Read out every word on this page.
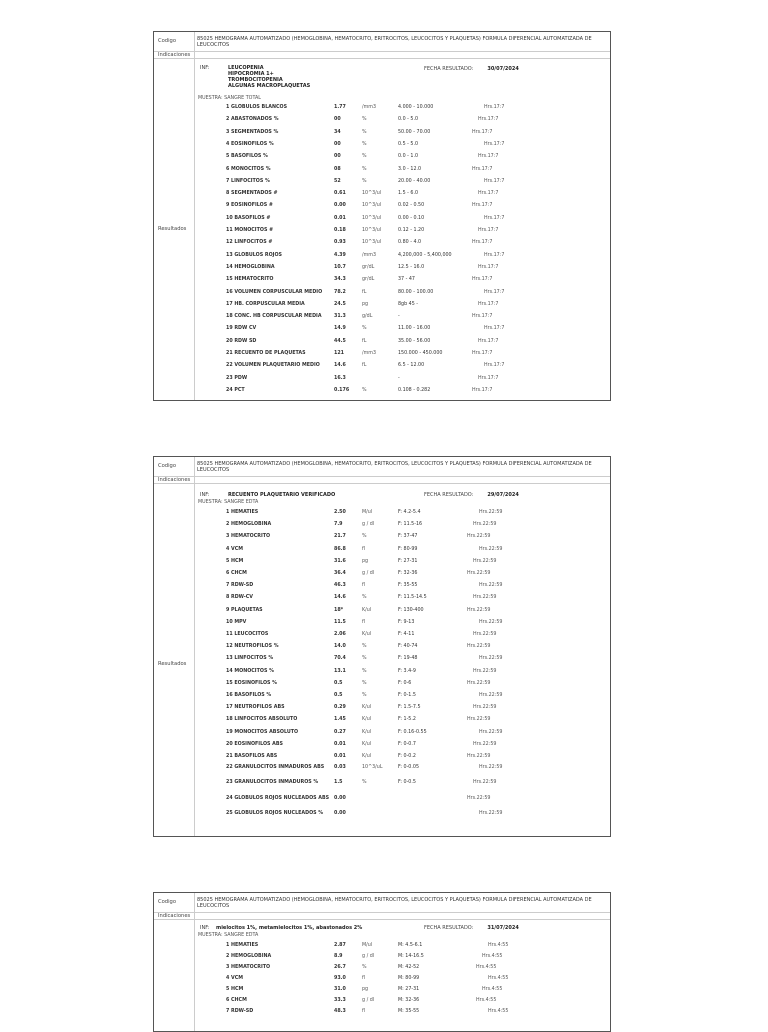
Codigo
Indicaciones
Resultados
85025 HEMOGRAMA AUTOMATIZADO (HEMOGLOBINA, HEMATOCRITO, ERITROCITOS, LEUCOCITOS Y PLAQUETAS) FORMULA DIFERENCIAL AUTOMATIZADA DE LEUCOCITOS
INF:	LEUCOPENIA
HIPOCROMIA 1+
TROMBOCITOPENIA
ALGUNAS MACROPLAQUETAS
FECHA RESULTADO:	30/07/2024
MUESTRA: SANGRE TOTAL
1 GLOBULOS BLANCOS	1.77	/mm3	4.000 - 10.000	Hrs.17:7
2 ABASTONADOS %	00	%	0.0 - 5.0	Hrs.17:7
3 SEGMENTADOS %	34	%	50.00 - 70.00	Hrs.17:7
4 EOSINOFILOS %	00	%	0.5 - 5.0	Hrs.17:7
5 BASOFILOS %	00	%	0.0 - 1.0	Hrs.17:7
6 MONOCITOS %	08	%	3.0 - 12.0	Hrs.17:7
7 LINFOCITOS %	52	%	20.00 - 40.00	Hrs.17:7
8 SEGMENTADOS #	0.61	10^3/ul	1.5 - 6.0	Hrs.17:7
9 EOSINOFILOS #	0.00	10^3/ul	0.02 - 0.50	Hrs.17:7
10 BASOFILOS #	0.01	10^3/ul	0.00 - 0.10	Hrs.17:7
11 MONOCITOS #	0.18	10^3/ul	0.12 - 1.20	Hrs.17:7
12 LINFOCITOS #	0.93	10^3/ul	0.80 - 4.0	Hrs.17:7
13 GLOBULOS ROJOS	4.39	/mm3	4,200,000 - 5,400,000	Hrs.17:7
14 HEMOGLOBINA	10.7	gr/dL	12.5 - 16.0	Hrs.17:7
15 HEMATOCRITO	34.3	gr/dL	37 - 47	Hrs.17:7
16 VOLUMEN CORPUSCULAR MEDIO	78.2	fL	80.00 - 100.00	Hrs.17:7
17 HB. CORPUSCULAR MEDIA	24.5	pg	8gb 45 -	Hrs.17:7
18 CONC. HB CORPUSCULAR MEDIA	31.3	g/dL	-	Hrs.17:7
19 RDW CV	14.9	%	11.00 - 16.00	Hrs.17:7
20 RDW SD	44.5	fL	35.00 - 56.00	Hrs.17:7
21 RECUENTO DE PLAQUETAS	121	/mm3	150.000 - 450.000	Hrs.17:7
22 VOLUMEN PLAQUETARIO MEDIO	14.6	fL	6.5 - 12.00	Hrs.17:7
23 PDW	16.3	-	Hrs.17:7
24 PCT	0.176	%	0.108 - 0.282	Hrs.17:7
Codigo
Indicaciones
Resultados
85025 HEMOGRAMA AUTOMATIZADO (HEMOGLOBINA, HEMATOCRITO, ERITROCITOS, LEUCOCITOS Y PLAQUETAS) FORMULA DIFERENCIAL AUTOMATIZADA DE LEUCOCITOS
INF:	RECUENTO PLAQUETARIO VERIFICADO	FECHA RESULTADO:	29/07/2024
MUESTRA: SANGRE EDTA
1 HEMATIES	2.50	M/ul	F: 4.2-5.4	Hrs.22:59
2 HEMOGLOBINA	7.9	g / dl	F: 11.5-16	Hrs.22:59
3 HEMATOCRITO	21.7	%	F: 37-47	Hrs.22:59
4 VCM	86.8	fl	F: 80-99	Hrs.22:59
5 HCM	31.6	pg	F: 27-31	Hrs.22:59
6 CHCM	36.4	g / dl	F: 32-36	Hrs.22:59
7 RDW-SD	46.3	fl	F: 35-55	Hrs.22:59
8 RDW-CV	14.6	%	F: 11.5-14.5	Hrs.22:59
9 PLAQUETAS	18*	K/ul	F: 130-400	Hrs.22:59
10 MPV	11.5	fl	F: 9-13	Hrs.22:59
11 LEUCOCITOS	2.06	K/ul	F: 4-11	Hrs.22:59
12 NEUTROFILOS %	14.0	%	F: 40-74	Hrs.22:59
13 LINFOCITOS %	70.4	%	F: 19-48	Hrs.22:59
14 MONOCITOS %	13.1	%	F: 3.4-9	Hrs.22:59
15 EOSINOFILOS %	0.5	%	F: 0-6	Hrs.22:59
16 BASOFILOS %	0.5	%	F: 0-1.5	Hrs.22:59
17 NEUTROFILOS ABS	0.29	K/ul	F: 1.5-7.5	Hrs.22:59
18 LINFOCITOS ABSOLUTO	1.45	K/ul	F: 1-5.2	Hrs.22:59
19 MONOCITOS ABSOLUTO	0.27	K/ul	F: 0.16-0.55	Hrs.22:59
20 EOSINOFILOS ABS	0.01	K/ul	F: 0-0.7	Hrs.22:59
21 BASOFILOS ABS	0.01	K/ul	F: 0-0.2	Hrs.22:59
22 GRANULOCITOS INMADUROS ABS	0.03	10^3/uL	F: 0-0.05	Hrs.22:59
23 GRANULOCITOS INMADUROS %	1.5	%	F: 0-0.5	Hrs.22:59
24 GLOBULOS ROJOS NUCLEADOS ABS 0.00	Hrs.22:59
25 GLOBULOS ROJOS NUCLEADOS %	0.00	Hrs.22:59
Codigo
Indicaciones
85025 HEMOGRAMA AUTOMATIZADO (HEMOGLOBINA, HEMATOCRITO, ERITROCITOS, LEUCOCITOS Y PLAQUETAS) FORMULA DIFERENCIAL AUTOMATIZADA DE LEUCOCITOS
INF: mielocitos 1%, metamielocitos 1%, abastonados 2%	FECHA RESULTADO:	31/07/2024
MUESTRA: SANGRE EDTA
1 HEMATIES	2.87	M/ul	M: 4.5-6.1	Hrs.4:55
2 HEMOGLOBINA	8.9	g / dl	M: 14-16.5	Hrs.4:55
3 HEMATOCRITO	26.7	%	M: 42-52	Hrs.4:55
4 VCM	93.0	fl	M: 80-99	Hrs.4:55
5 HCM	31.0	pg	M: 27-31	Hrs.4:55
6 CHCM	33.3	g / dl	M: 32-36	Hrs.4:55
7 RDW-SD	48.3	fl	M: 35-55	Hrs.4:55
